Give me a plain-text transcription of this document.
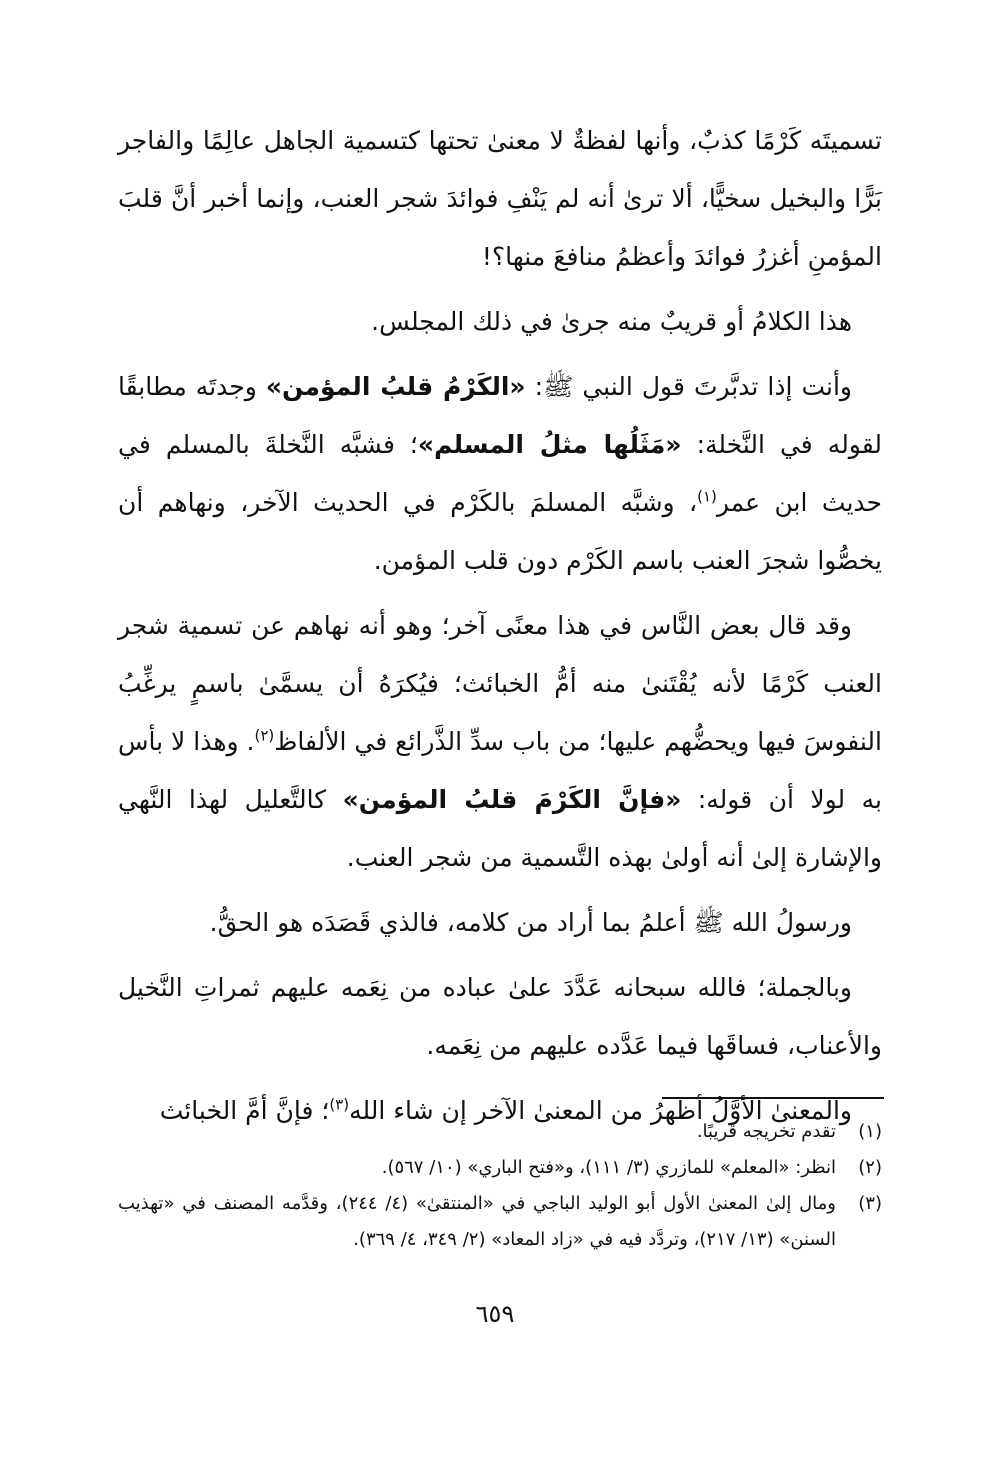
تسميتَه كَرْمًا كذبٌ، وأنها لفظةٌ لا معنىٰ تحتها كتسمية الجاهل عالِمًا والفاجر بَرًّا والبخيل سخيًّا، ألا ترىٰ أنه لم يَنْفِ فوائدَ شجر العنب، وإنما أخبر أنَّ قلبَ المؤمنِ أغزرُ فوائدَ وأعظمُ منافعَ منها؟!

هذا الكلامُ أو قريبٌ منه جرىٰ في ذلك المجلس.

وأنت إذا تدبَّرتَ قول النبي ﷺ: «الكَرْمُ قلبُ المؤمن» وجدتَه مطابقًا لقوله في النَّخلة: «مَثَلُها مثلُ المسلم»؛ فشبَّه النَّخلةَ بالمسلم في حديث ابن عمر$^{(١)}$، وشبَّه المسلمَ بالكَرْم في الحديث الآخر، ونهاهم أن يخصُّوا شجرَ العنب باسم الكَرْم دون قلب المؤمن.

وقد قال بعض النَّاس في هذا معنًى آخر؛ وهو أنه نهاهم عن تسمية شجر العنب كَرْمًا لأنه يُقْتَنىٰ منه أمُّ الخبائث؛ فيُكرَهُ أن يسمَّىٰ باسمٍ يرغِّبُ النفوسَ فيها ويحضُّهم عليها؛ من باب سدِّ الذَّرائع في الألفاظ$^{(٢)}$. وهذا لا بأس به لولا أن قوله: «فإنَّ الكَرْمَ قلبُ المؤمن» كالتَّعليل لهذا النَّهي والإشارة إلىٰ أنه أولىٰ بهذه التَّسمية من شجر العنب.

ورسولُ الله ﷺ أعلمُ بما أراد من كلامه، فالذي قَصَدَه هو الحقُّ.

وبالجملة؛ فالله سبحانه عَدَّدَ علىٰ عباده من نِعَمه عليهم ثمراتِ النَّخيل والأعناب، فساقَها فيما عَدَّده عليهم من نِعَمه.

والمعنىٰ الأوَّلُ أظهرُ من المعنىٰ الآخر إن شاء الله$^{(٣)}$؛ فإنَّ أمَّ الخبائث

(١)
تقدم تخريجه قريبًا.
(٢)
انظر: «المعلم» للمازري (٣/ ١١١)، و«فتح الباري» (١٠/ ٥٦٧).
(٣)
ومال إلىٰ المعنىٰ الأول أبو الوليد الباجي في «المنتقىٰ» (٤/ ٢٤٤)، وقدَّمه المصنف في «تهذيب السنن» (١٣/ ٢١٧)، وتردَّد فيه في «زاد المعاد» (٢/ ٣٤٩، ٤/ ٣٦٩).
٦٥٩
